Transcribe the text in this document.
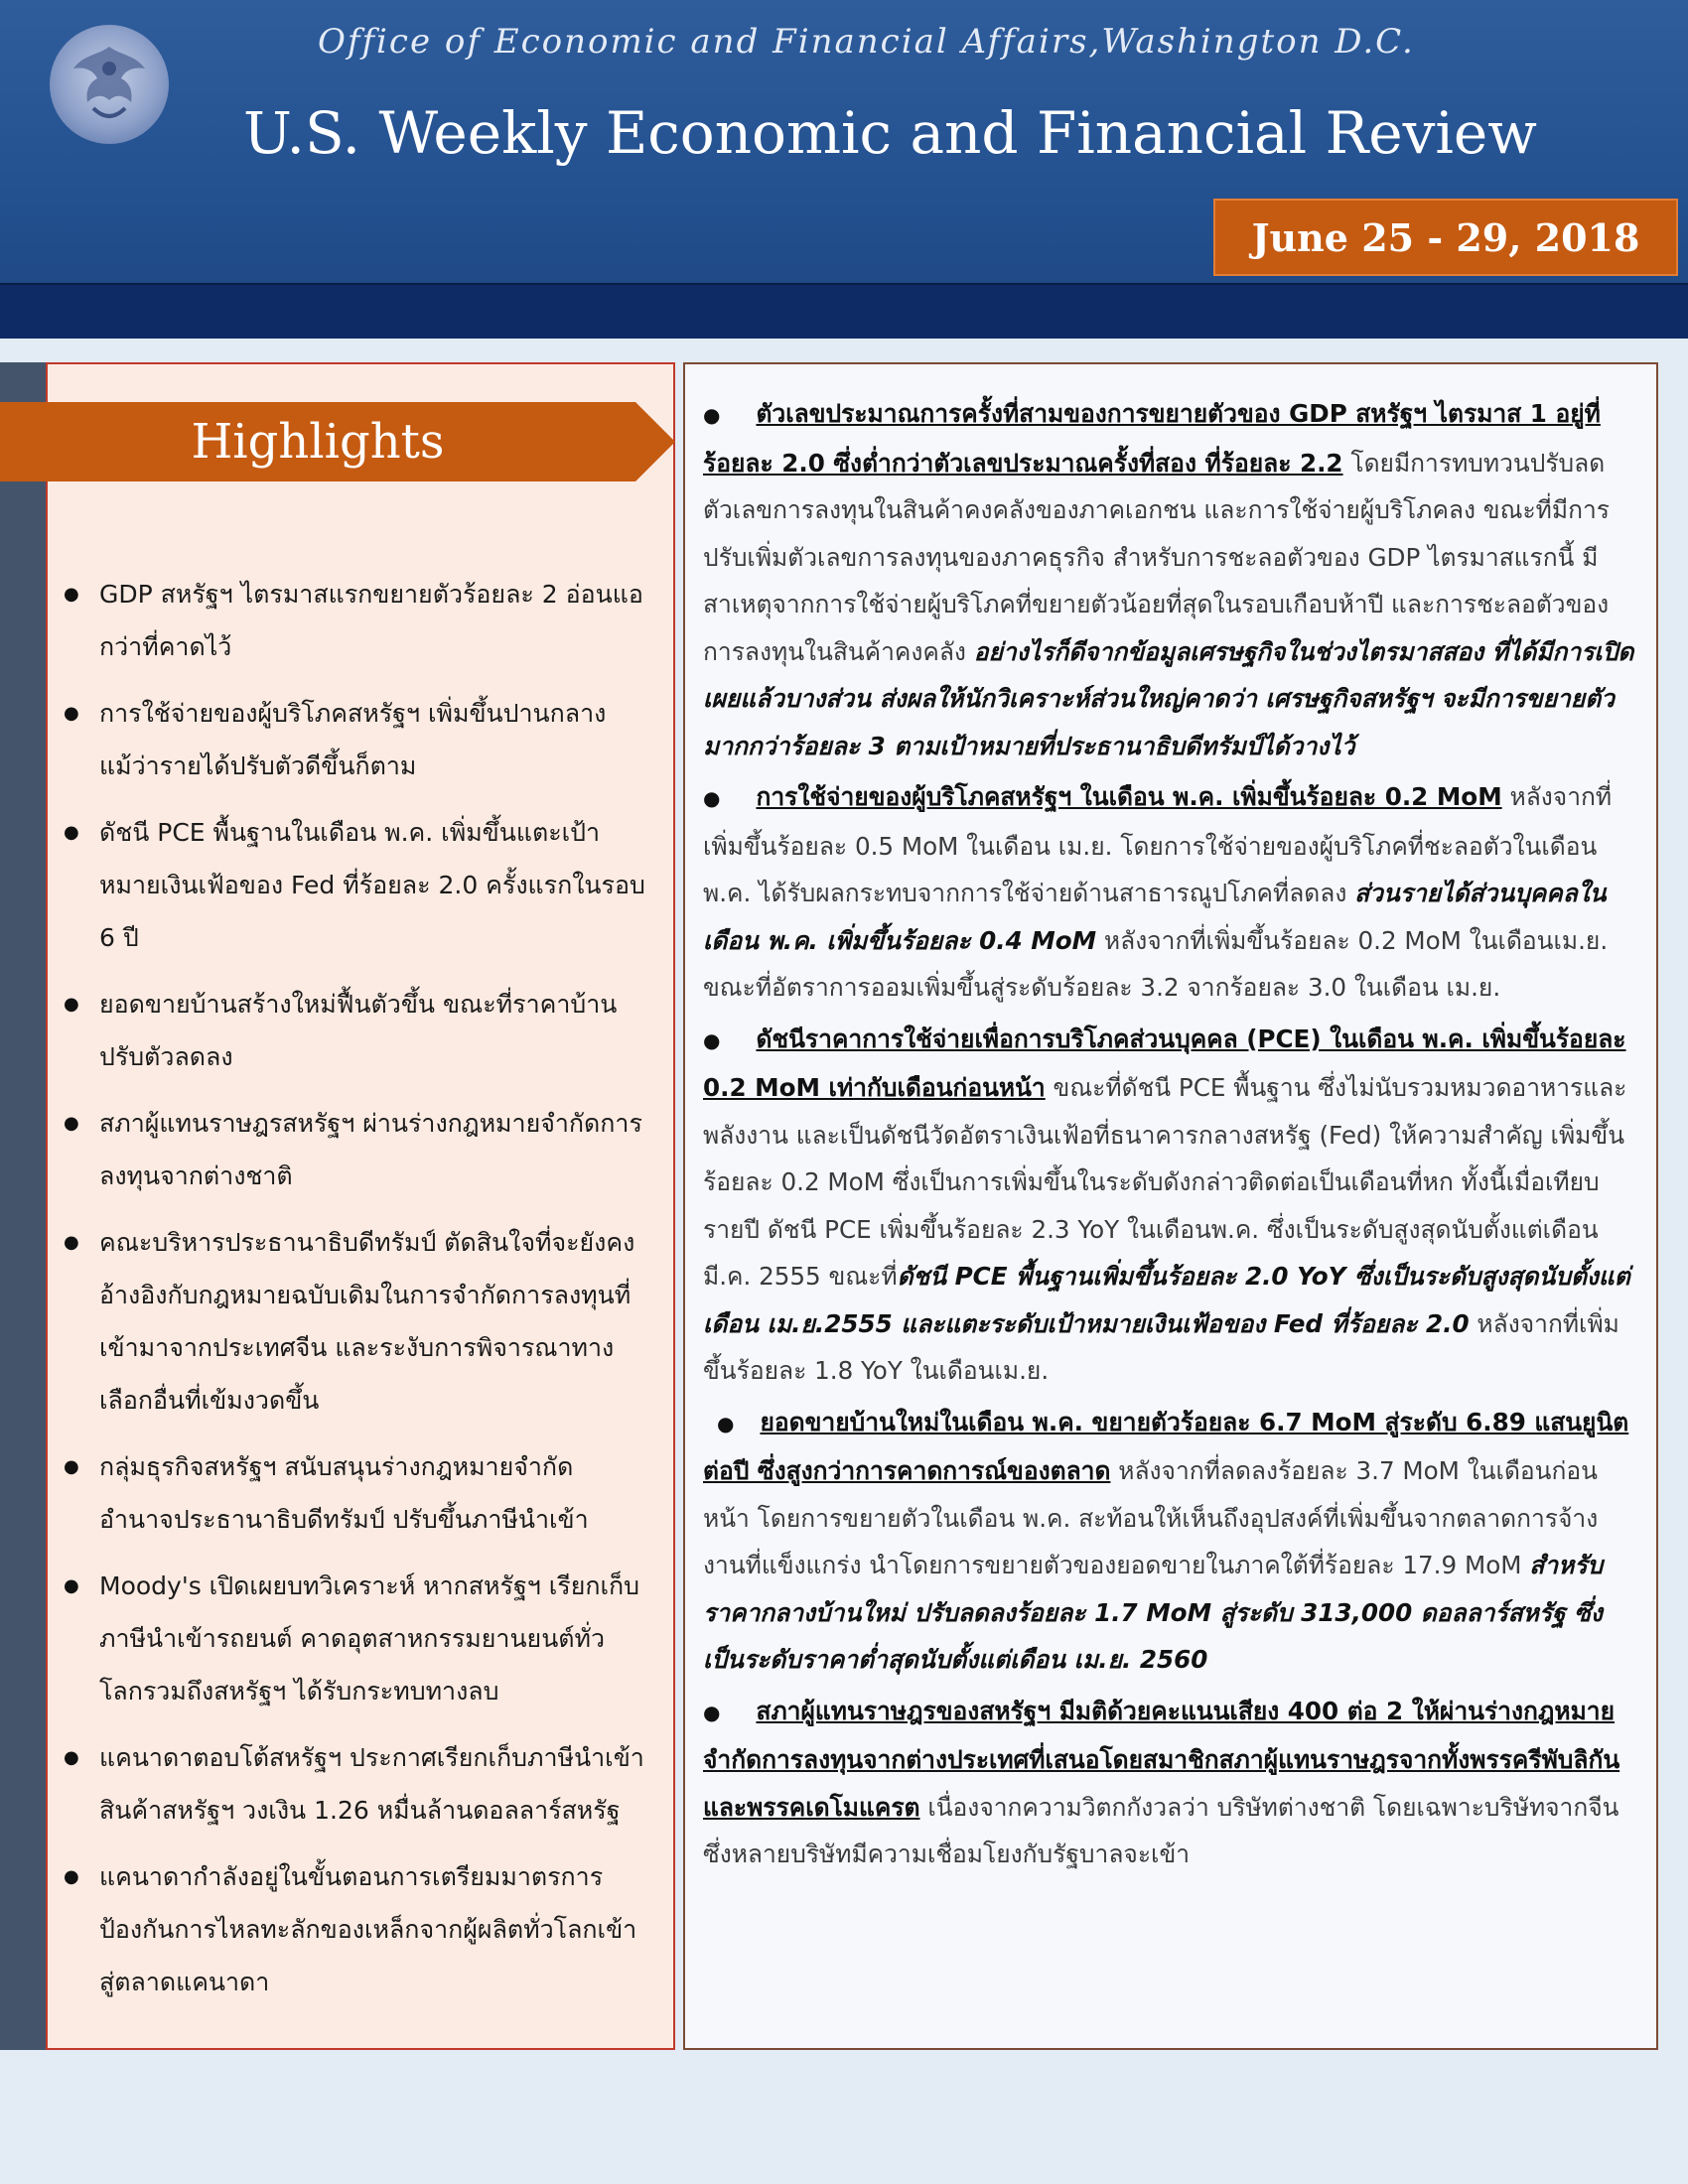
Office of Economic and Financial Affairs,Washington D.C.
U.S. Weekly Economic and Financial Review
June 25 - 29, 2018
Highlights
● GDP สหรัฐฯ ไตรมาสแรกขยายตัวร้อยละ 2 อ่อนแอกว่าที่คาดไว้
● การใช้จ่ายของผู้บริโภคสหรัฐฯ เพิ่มขึ้นปานกลาง แม้ว่ารายได้ปรับตัวดีขึ้นก็ตาม
● ดัชนี PCE พื้นฐานในเดือน พ.ค. เพิ่มขึ้นแตะเป้าหมายเงินเฟ้อของ Fed ที่ร้อยละ 2.0 ครั้งแรกในรอบ 6 ปี
● ยอดขายบ้านสร้างใหม่ฟื้นตัวขึ้น ขณะที่ราคาบ้านปรับตัวลดลง
● สภาผู้แทนราษฎรสหรัฐฯ ผ่านร่างกฎหมายจำกัดการลงทุนจากต่างชาติ
● คณะบริหารประธานาธิบดีทรัมป์ ตัดสินใจที่จะยังคงอ้างอิงกับกฎหมายฉบับเดิมในการจำกัดการลงทุนที่เข้ามาจากประเทศจีน และระงับการพิจารณาทางเลือกอื่นที่เข้มงวดขึ้น
● กลุ่มธุรกิจสหรัฐฯ สนับสนุนร่างกฎหมายจำกัดอำนาจประธานาธิบดีทรัมป์ ปรับขึ้นภาษีนำเข้า
● Moody's เปิดเผยบทวิเคราะห์ หากสหรัฐฯ เรียกเก็บภาษีนำเข้ารถยนต์ คาดอุตสาหกรรมยานยนต์ทั่วโลกรวมถึงสหรัฐฯ ได้รับกระทบทางลบ
● แคนาดาตอบโต้สหรัฐฯ ประกาศเรียกเก็บภาษีนำเข้าสินค้าสหรัฐฯ วงเงิน 1.26 หมื่นล้านดอลลาร์สหรัฐ
● แคนาดากำลังอยู่ในขั้นตอนการเตรียมมาตรการป้องกันการไหลทะลักของเหล็กจากผู้ผลิตทั่วโลกเข้าสู่ตลาดแคนาดา

● ตัวเลขประมาณการครั้งที่สามของการขยายตัวของ GDP สหรัฐฯ ไตรมาส 1 อยู่ที่ร้อยละ 2.0 ซึ่งต่ำกว่าตัวเลขประมาณครั้งที่สอง ที่ร้อยละ 2.2 โดยมีการทบทวนปรับลดตัวเลขการลงทุนในสินค้าคงคลังของภาคเอกชน และการใช้จ่ายผู้บริโภคลง ขณะที่มีการปรับเพิ่มตัวเลขการลงทุนของภาคธุรกิจ สำหรับการชะลอตัวของ GDP ไตรมาสแรกนี้ มีสาเหตุจากการใช้จ่ายผู้บริโภคที่ขยายตัวน้อยที่สุดในรอบเกือบห้าปี และการชะลอตัวของการลงทุนในสินค้าคงคลัง อย่างไรก็ดีจากข้อมูลเศรษฐกิจในช่วงไตรมาสสอง ที่ได้มีการเปิดเผยแล้วบางส่วน ส่งผลให้นักวิเคราะห์ส่วนใหญ่คาดว่า เศรษฐกิจสหรัฐฯ จะมีการขยายตัวมากกว่าร้อยละ 3 ตามเป้าหมายที่ประธานาธิบดีทรัมป์ได้วางไว้

● การใช้จ่ายของผู้บริโภคสหรัฐฯ ในเดือน พ.ค. เพิ่มขึ้นร้อยละ 0.2 MoM หลังจากที่เพิ่มขึ้นร้อยละ 0.5 MoM ในเดือน เม.ย. โดยการใช้จ่ายของผู้บริโภคที่ชะลอตัวในเดือน พ.ค. ได้รับผลกระทบจากการใช้จ่ายด้านสาธารณูปโภคที่ลดลง ส่วนรายได้ส่วนบุคคลในเดือน พ.ค. เพิ่มขึ้นร้อยละ 0.4 MoM หลังจากที่เพิ่มขึ้นร้อยละ 0.2 MoM ในเดือนเม.ย. ขณะที่อัตราการออมเพิ่มขึ้นสู่ระดับร้อยละ 3.2 จากร้อยละ 3.0 ในเดือน เม.ย.

● ดัชนีราคาการใช้จ่ายเพื่อการบริโภคส่วนบุคคล (PCE) ในเดือน พ.ค. เพิ่มขึ้นร้อยละ 0.2 MoM เท่ากับเดือนก่อนหน้า ขณะที่ดัชนี PCE พื้นฐาน ซึ่งไม่นับรวมหมวดอาหารและพลังงาน และเป็นดัชนีวัดอัตราเงินเฟ้อที่ธนาคารกลางสหรัฐ (Fed) ให้ความสำคัญ เพิ่มขึ้นร้อยละ 0.2 MoM ซึ่งเป็นการเพิ่มขึ้นในระดับดังกล่าวติดต่อเป็นเดือนที่หก ทั้งนี้เมื่อเทียบรายปี ดัชนี PCE เพิ่มขึ้นร้อยละ 2.3 YoY ในเดือนพ.ค. ซึ่งเป็นระดับสูงสุดนับตั้งแต่เดือน มี.ค. 2555 ขณะที่ดัชนี PCE พื้นฐานเพิ่มขึ้นร้อยละ 2.0 YoY ซึ่งเป็นระดับสูงสุดนับตั้งแต่เดือน เม.ย.2555 และแตะระดับเป้าหมายเงินเฟ้อของ Fed ที่ร้อยละ 2.0 หลังจากที่เพิ่มขึ้นร้อยละ 1.8 YoY ในเดือนเม.ย.

● ยอดขายบ้านใหม่ในเดือน พ.ค. ขยายตัวร้อยละ 6.7 MoM สู่ระดับ 6.89 แสนยูนิตต่อปี ซึ่งสูงกว่าการคาดการณ์ของตลาด หลังจากที่ลดลงร้อยละ 3.7 MoM ในเดือนก่อนหน้า โดยการขยายตัวในเดือน พ.ค. สะท้อนให้เห็นถึงอุปสงค์ที่เพิ่มขึ้นจากตลาดการจ้างงานที่แข็งแกร่ง นำโดยการขยายตัวของยอดขายในภาคใต้ที่ร้อยละ 17.9 MoM สำหรับราคากลางบ้านใหม่ ปรับลดลงร้อยละ 1.7 MoM สู่ระดับ 313,000 ดอลลาร์สหรัฐ ซึ่งเป็นระดับราคาต่ำสุดนับตั้งแต่เดือน เม.ย. 2560

● สภาผู้แทนราษฎรของสหรัฐฯ มีมติด้วยคะแนนเสียง 400 ต่อ 2 ให้ผ่านร่างกฎหมายจำกัดการลงทุนจากต่างประเทศที่เสนอโดยสมาชิกสภาผู้แทนราษฎรจากทั้งพรรครีพับลิกันและพรรคเดโมแครต เนื่องจากความวิตกกังวลว่า บริษัทต่างชาติ โดยเฉพาะบริษัทจากจีนซึ่งหลายบริษัทมีความเชื่อมโยงกับรัฐบาลจะเข้า
